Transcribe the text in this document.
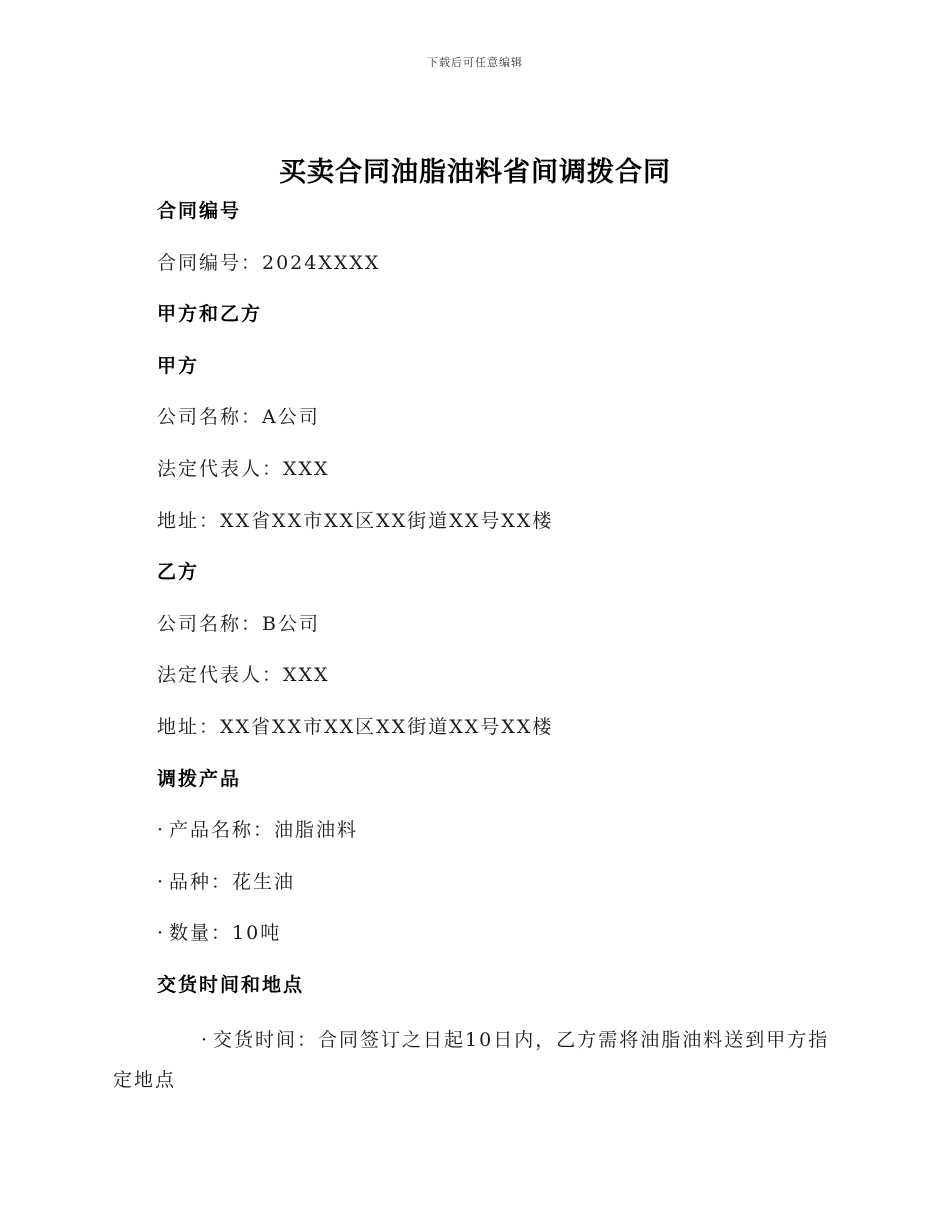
下载后可任意编辑
买卖合同油脂油料省间调拨合同
合同编号
合同编号：2024XXXX
甲方和乙方
甲方
公司名称：A公司
法定代表人：XXX
地址：XX省XX市XX区XX街道XX号XX楼
乙方
公司名称：B公司
法定代表人：XXX
地址：XX省XX市XX区XX街道XX号XX楼
调拨产品
· 产品名称：油脂油料
· 品种：花生油
· 数量：10吨
交货时间和地点

· 交货时间：合同签订之日起10日内，乙方需将油脂油料送到甲方指定地点
